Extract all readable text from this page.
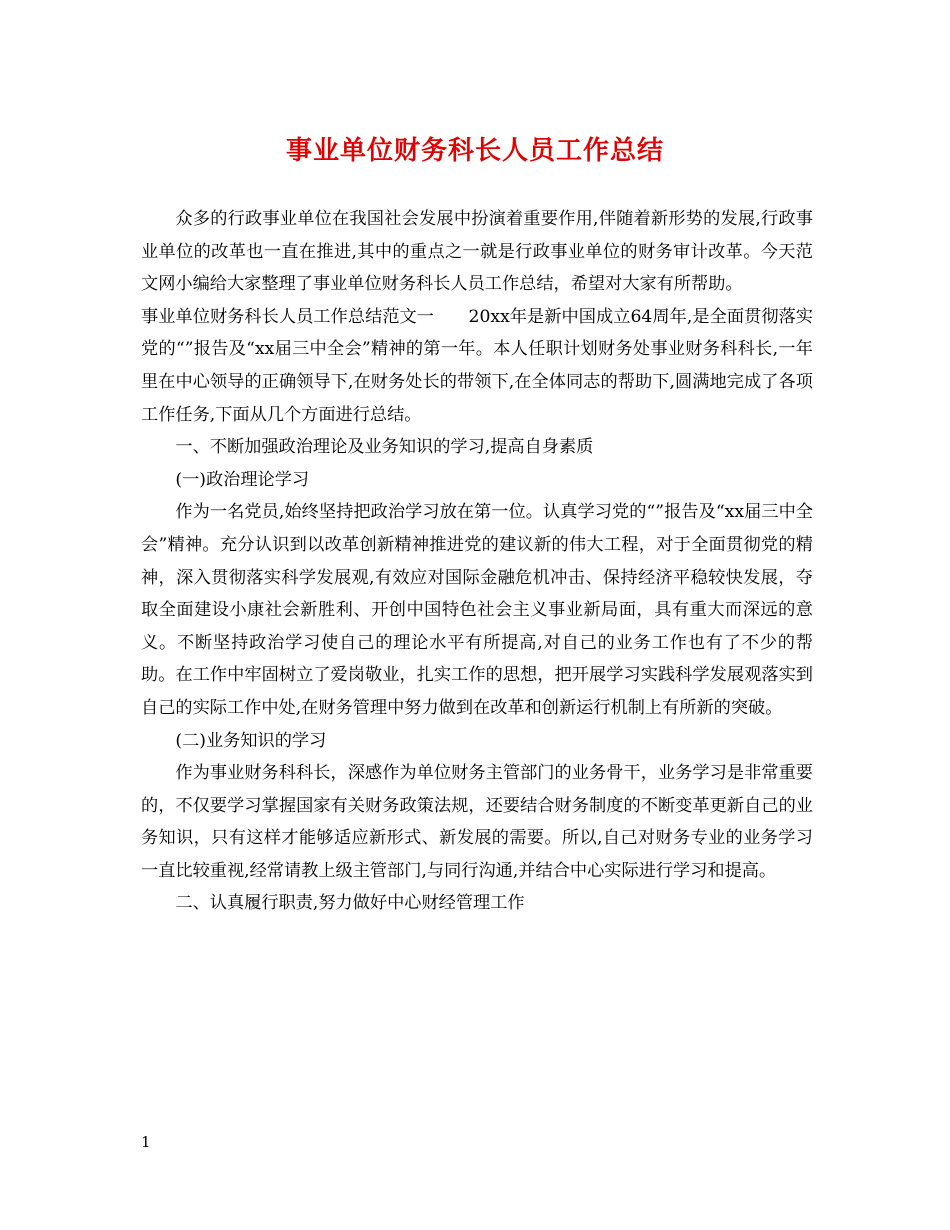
事业单位财务科长人员工作总结

众多的行政事业单位在我国社会发展中扮演着重要作用,伴随着新形势的发展,行政事业单位的改革也一直在推进,其中的重点之一就是行政事业单位的财务审计改革。今天范文网小编给大家整理了事业单位财务科长人员工作总结，希望对大家有所帮助。

事业单位财务科长人员工作总结范文一　　20xx年是新中国成立64周年,是全面贯彻落实党的“”报告及“xx届三中全会”精神的第一年。本人任职计划财务处事业财务科科长,一年里在中心领导的正确领导下,在财务处长的带领下,在全体同志的帮助下,圆满地完成了各项工作任务,下面从几个方面进行总结。

一、不断加强政治理论及业务知识的学习,提高自身素质

(一)政治理论学习

作为一名党员,始终坚持把政治学习放在第一位。认真学习党的“”报告及“xx届三中全会”精神。充分认识到以改革创新精神推进党的建议新的伟大工程，对于全面贯彻党的精神，深入贯彻落实科学发展观,有效应对国际金融危机冲击、保持经济平稳较快发展，夺取全面建设小康社会新胜利、开创中国特色社会主义事业新局面，具有重大而深远的意义。不断坚持政治学习使自己的理论水平有所提高,对自己的业务工作也有了不少的帮助。在工作中牢固树立了爱岗敬业，扎实工作的思想，把开展学习实践科学发展观落实到自己的实际工作中处,在财务管理中努力做到在改革和创新运行机制上有所新的突破。

(二)业务知识的学习

作为事业财务科科长，深感作为单位财务主管部门的业务骨干，业务学习是非常重要的，不仅要学习掌握国家有关财务政策法规，还要结合财务制度的不断变革更新自己的业务知识，只有这样才能够适应新形式、新发展的需要。所以,自己对财务专业的业务学习一直比较重视,经常请教上级主管部门,与同行沟通,并结合中心实际进行学习和提高。

二、认真履行职责,努力做好中心财经管理工作

1
